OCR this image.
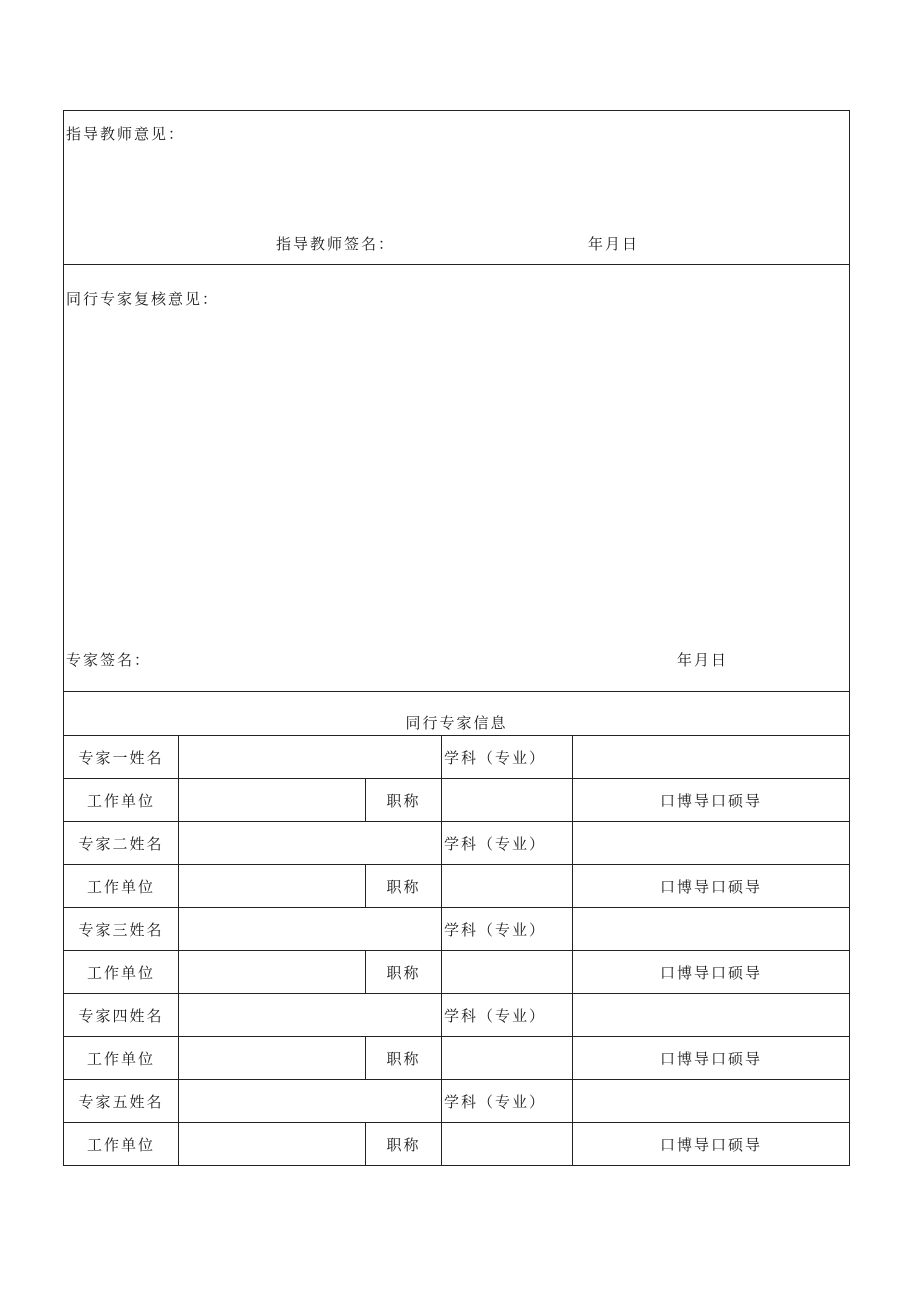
指导教师意见：
指导教师签名： 年月日				

同行专家复核意见：
专家签名： 年月日				

同行专家信息				
专家一姓名			学科（专业）	
工作单位		职称		口博导口硕导
专家二姓名			学科（专业）	
工作单位		职称		口博导口硕导
专家三姓名			学科（专业）	
工作单位		职称		口博导口硕导
专家四姓名			学科（专业）	
工作单位		职称		口博导口硕导
专家五姓名			学科（专业）	
工作单位		职称		口博导口硕导
